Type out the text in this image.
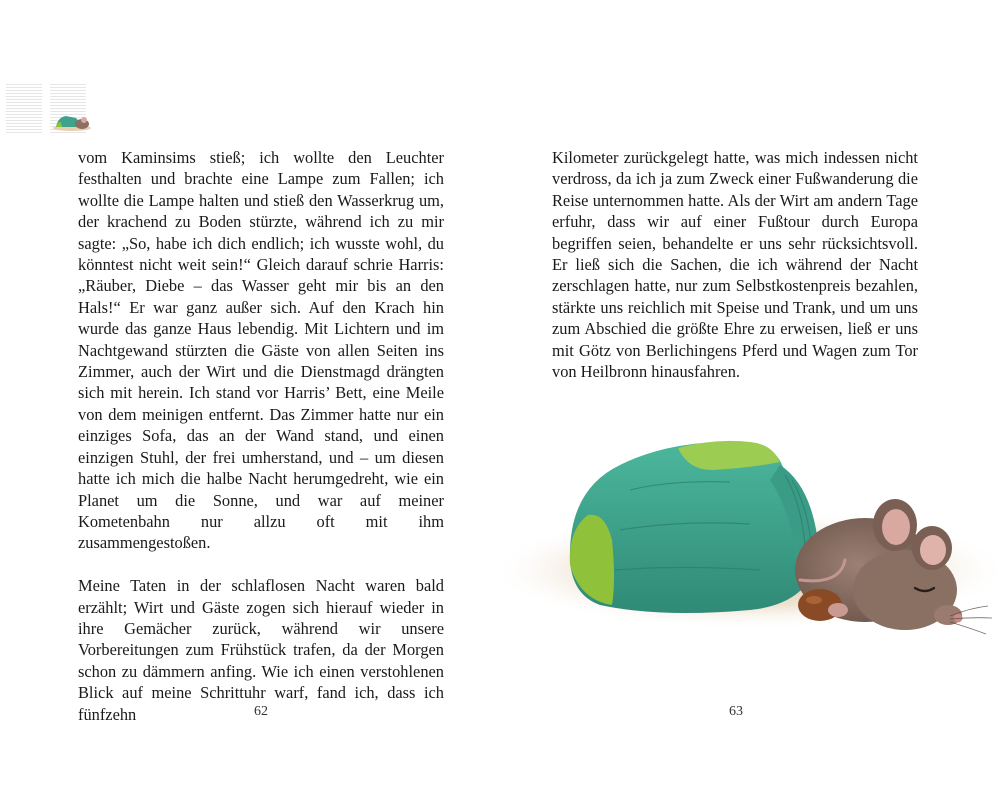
vom Kaminsims stieß; ich wollte den Leuchter festhalten und brachte eine Lampe zum Fallen; ich wollte die Lampe halten und stieß den Wasserkrug um, der krachend zu Boden stürzte, während ich zu mir sagte: „So, habe ich dich endlich; ich wusste wohl, du könntest nicht weit sein!“ Gleich darauf schrie Harris: „Räuber, Diebe – das Wasser geht mir bis an den Hals!“ Er war ganz außer sich. Auf den Krach hin wurde das ganze Haus lebendig. Mit Lichtern und im Nachtgewand stürzten die Gäste von allen Seiten ins Zimmer, auch der Wirt und die Dienstmagd drängten sich mit herein. Ich stand vor Harris’ Bett, eine Meile von dem meinigen entfernt. Das Zimmer hatte nur ein einziges Sofa, das an der Wand stand, und einen einzigen Stuhl, der frei umherstand, und – um diesen hatte ich mich die halbe Nacht herumgedreht, wie ein Planet um die Sonne, und war auf meiner Kometenbahn nur allzu oft mit ihm zusammengestoßen.

Meine Taten in der schlaflosen Nacht waren bald erzählt; Wirt und Gäste zogen sich hierauf wieder in ihre Gemächer zurück, während wir unsere Vorbereitungen zum Frühstück trafen, da der Morgen schon zu dämmern anfing. Wie ich einen verstohlenen Blick auf meine Schrittuhr warf, fand ich, dass ich fünfzehn	62

Kilometer zurückgelegt hatte, was mich indessen nicht verdross, da ich ja zum Zweck einer Fußwanderung die Reise unternommen hatte. Als der Wirt am andern Tage erfuhr, dass wir auf einer Fußtour durch Europa begriffen seien, behandelte er uns sehr rücksichtsvoll. Er ließ sich die Sachen, die ich während der Nacht zerschlagen hatte, nur zum Selbstkostenpreis bezahlen, stärkte uns reichlich mit Speise und Trank, und um uns zum Abschied die größte Ehre zu erweisen, ließ er uns mit Götz von Berlichingens Pferd und Wagen zum Tor von Heilbronn hinausfahren.

63
